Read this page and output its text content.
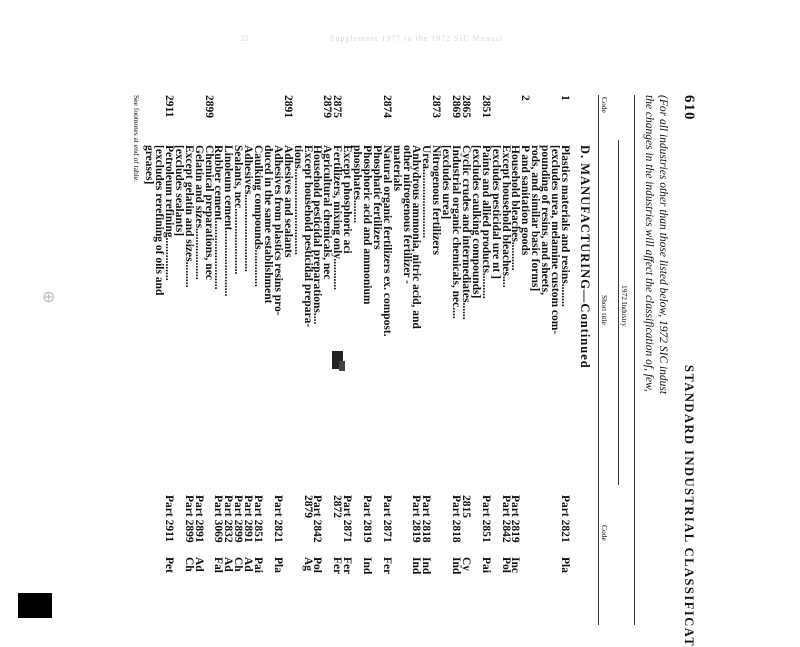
23	Supplement 1977 to the 1972 SIC Manual
610
STANDARD INDUSTRIAL CLASSIFICAT
(For all industries other than those listed below, 1972 SIC indust
the changes in the industries will affect the classification of, few,
1972 Industry
Code
Short title
Code
D. MANUFACTURING—Continued
1
Plastics materials and resins........
Part 2821
Pla
[excludes urea, melamine custom com-
pounding of resins, and sheets,
rods, and similar basic forms]
2
P and sanitation goods
Household bleaches..........
Part 2819
Inc
Except household bleaches....
Part 2842
Pol
[excludes pesticidal ure nt ]
2851
Paints and allied products.........
Part 2851
Pai
[excludes caulking compounds]
2865
Cyclic crudes and intermediates......
2815
Cy
2869
Industrial organic chemicals, nec....
Part 2818
Ind
[excludes urea]
2873
Nitrogenous fertilizers
Urea........................
Part 2818
Ind
Anhydrous ammonia, nitric acid, and
Part 2819
Ind
other nitrogenous fertilizer -
materials
2874
Natural organic fertilizers ex. compost.
Part 2871
Fer
Phosphatic fertilizers
Phosphoric acid and ammonium
Part 2819
Ind
phosphates........
Except phosphoric aci
Part 2871
Fer
2875
Fertilizers, mixing only...........
2872
Fer
2879
Agricultural chemicals, nec
Household pesticidal preparations....
Part 2842
Pol
Except household pesticidal prepara-
2879
Ag
tions..............................
2891
Adhesives and sealants
Adhesives from plastics resins pro-
Part 2821
Pla
duced in the same establishment
Caulking compounds.............
Part 2851
Pai
Adhesives...........................
Part 2891
Ad
Sealants, nec.......................
Part 2899
Ch
Linoleum cement.......................
Part 2832
Ad
Rubber cement........................
Part 3069
Fal
2899
Chemical preparations, nec
Gelatin and sizes..................
Part 2891
Ad
Except gelatin and sizes.........
Part 2899
Ch
[excludes sealants]
2911
Petroleum refining...............
Part 2911
Pet
[excludes rerefining of oils and
greases]
See footnotes at end of table.
⊕
